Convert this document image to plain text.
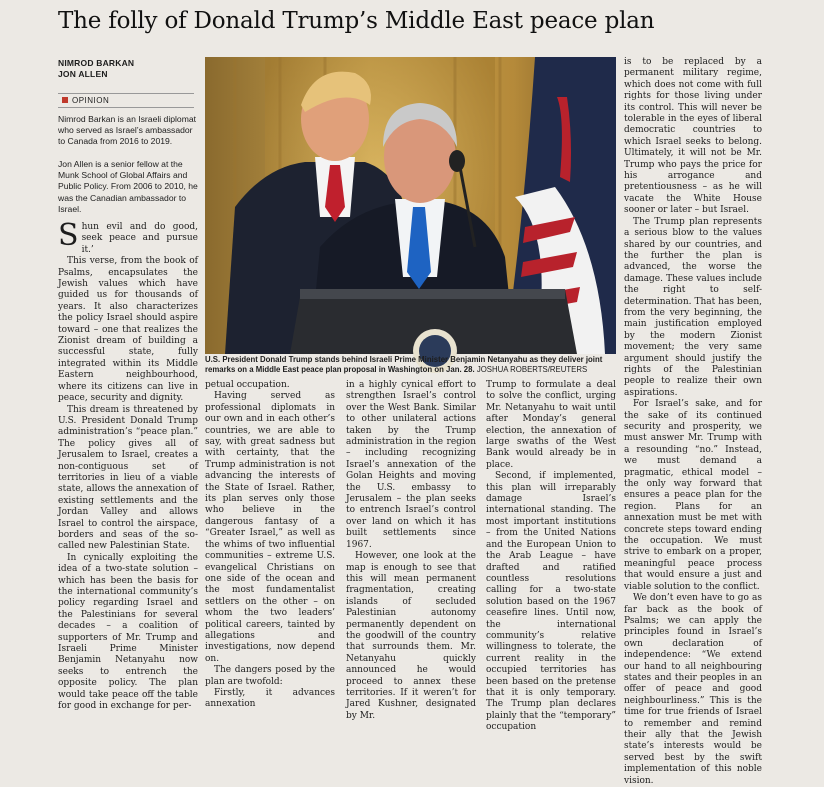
The folly of Donald Trump’s Middle East peace plan
NIMROD BARKAN
JON ALLEN
OPINION
Nimrod Barkan is an Israeli diplomat who served as Israel’s ambassador to Canada from 2016 to 2019.
Jon Allen is a senior fellow at the Munk School of Global Affairs and Public Policy. From 2006 to 2010, he was the Canadian ambassador to Israel.

Shun evil and do good, seek peace and pursue it.’

This verse, from the book of Psalms, encapsulates the Jewish values which have guided us for thousands of years. It also characterizes the policy Israel should aspire toward – one that realizes the Zionist dream of building a successful state, fully integrated within its Middle Eastern neighbourhood, where its citizens can live in peace, security and dignity.

This dream is threatened by U.S. President Donald Trump administration’s “peace plan.” The policy gives all of Jerusalem to Israel, creates a non-contiguous set of territories in lieu of a viable state, allows the annexation of existing settlements and the Jordan Valley and allows Israel to control the airspace, borders and seas of the so-called new Palestinian State.

In cynically exploiting the idea of a two-state solution – which has been the basis for the international community’s policy regarding Israel and the Palestinians for several decades – a coalition of supporters of Mr. Trump and Israeli Prime Minister Benjamin Netanyahu now seeks to entrench the opposite policy. The plan would take peace off the table for good in exchange for per-

U.S. President Donald Trump stands behind Israeli Prime Minister Benjamin Netanyahu as they deliver joint remarks on a Middle East peace plan proposal in Washington on Jan. 28. JOSHUA ROBERTS/REUTERS

petual occupation.

Having served as professional diplomats in our own and in each other’s countries, we are able to say, with great sadness but with certainty, that the Trump administration is not advancing the interests of the State of Israel. Rather, its plan serves only those who believe in the dangerous fantasy of a “Greater Israel,” as well as the whims of two influential communities – extreme U.S. evangelical Christians on one side of the ocean and the most fundamentalist settlers on the other – on whom the two leaders’ political careers, tainted by allegations and investigations, now depend on.

The dangers posed by the plan are twofold:

Firstly, it advances annexation

in a highly cynical effort to strengthen Israel’s control over the West Bank. Similar to other unilateral actions taken by the Trump administration in the region – including recognizing Israel’s annexation of the Golan Heights and moving the U.S. embassy to Jerusalem – the plan seeks to entrench Israel’s control over land on which it has built settlements since 1967.

However, one look at the map is enough to see that this will mean permanent fragmentation, creating islands of secluded Palestinian autonomy permanently dependent on the goodwill of the country that surrounds them. Mr. Netanyahu quickly announced he would proceed to annex these territories. If it weren’t for Jared Kushner, designated by Mr.

Trump to formulate a deal to solve the conflict, urging Mr. Netanyahu to wait until after Monday’s general election, the annexation of large swaths of the West Bank would already be in place.

Second, if implemented, this plan will irreparably damage Israel’s international standing. The most important institutions – from the United Nations and the European Union to the Arab League – have drafted and ratified countless resolutions calling for a two-state solution based on the 1967 ceasefire lines. Until now, the international community’s relative willingness to tolerate, the current reality in the occupied territories has been based on the pretense that it is only temporary. The Trump plan declares plainly that the “temporary” occupation

is to be replaced by a permanent military regime, which does not come with full rights for those living under its control. This will never be tolerable in the eyes of liberal democratic countries to which Israel seeks to belong. Ultimately, it will not be Mr. Trump who pays the price for his arrogance and pretentiousness – as he will vacate the White House sooner or later – but Israel.

The Trump plan represents a serious blow to the values shared by our countries, and the further the plan is advanced, the worse the damage. These values include the right to self-determination. That has been, from the very beginning, the main justification employed by the modern Zionist movement; the very same argument should justify the rights of the Palestinian people to realize their own aspirations.

For Israel’s sake, and for the sake of its continued security and prosperity, we must answer Mr. Trump with a resounding “no.” Instead, we must demand a pragmatic, ethical model – the only way forward that ensures a peace plan for the region. Plans for an annexation must be met with concrete steps toward ending the occupation. We must strive to embark on a proper, meaningful peace process that would ensure a just and viable solution to the conflict.

We don’t even have to go as far back as the book of Psalms; we can apply the principles found in Israel’s own declaration of independence: “We extend our hand to all neighbouring states and their peoples in an offer of peace and good neighbourliness.” This is the time for true friends of Israel to remember and remind their ally that the Jewish state’s interests would be served best by the swift implementation of this noble vision.
